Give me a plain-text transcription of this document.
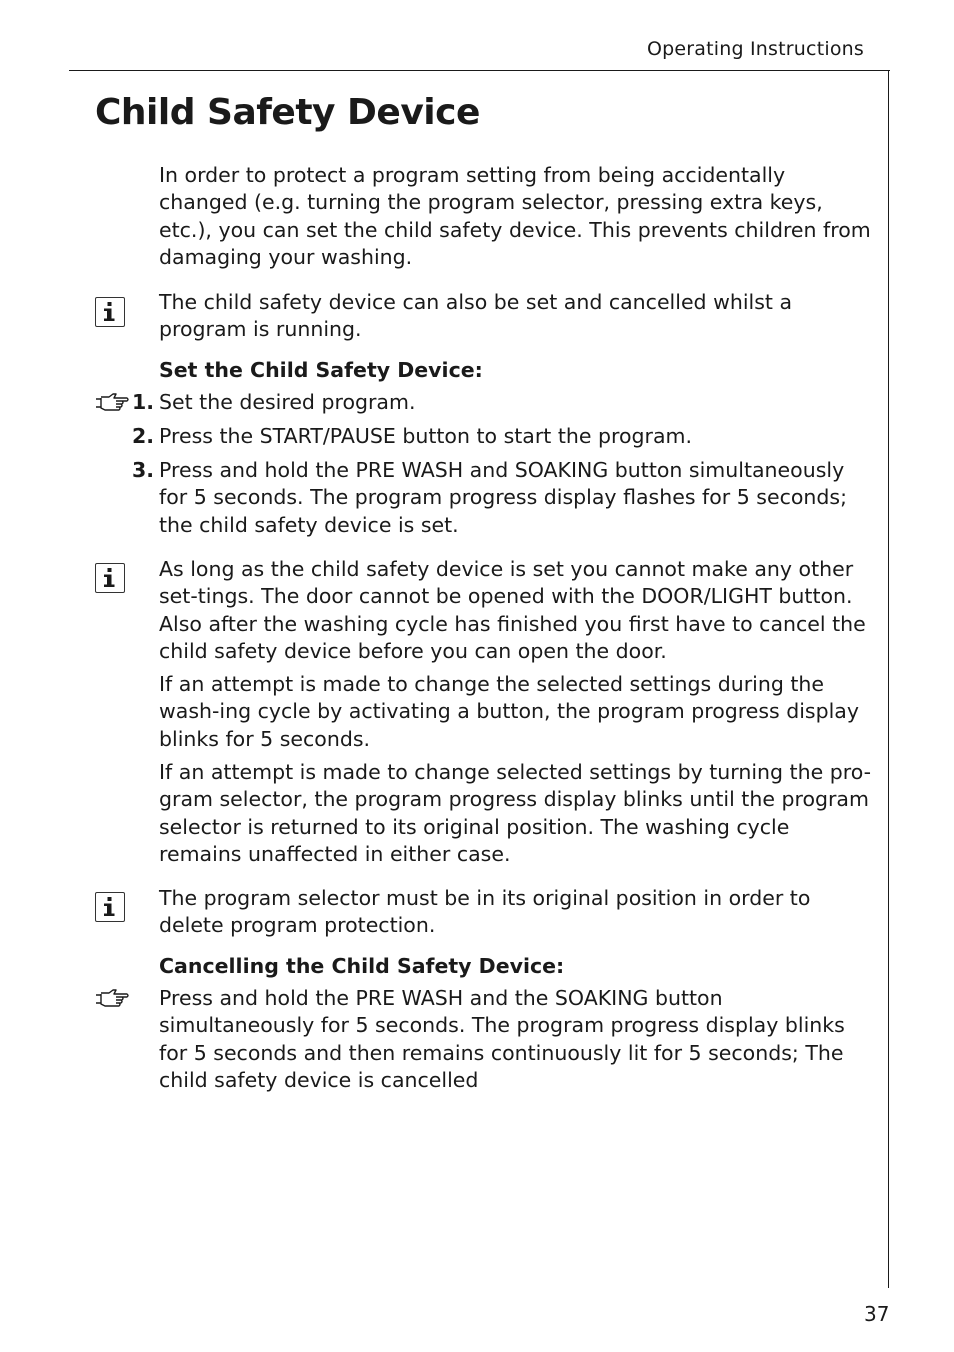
Operating Instructions
Child Safety Device

In order to protect a program setting from being accidentally changed (e.g. turning the program selector, pressing extra keys, etc.), you can set the child safety device. This prevents children from damaging your washing.

The child safety device can also be set and cancelled whilst a program is running.

Set the Child Safety Device:

1. Set the desired program.

2. Press the START/PAUSE button to start the program.

3. Press and hold the PRE WASH and SOAKING button simultaneously for 5 seconds. The program progress display flashes for 5 seconds; the child safety device is set.

As long as the child safety device is set you cannot make any other set-tings. The door cannot be opened with the DOOR/LIGHT button. Also after the washing cycle has finished you first have to cancel the child safety device before you can open the door.

If an attempt is made to change the selected settings during the wash-ing cycle by activating a button, the program progress display blinks for 5 seconds.

If an attempt is made to change selected settings by turning the pro-gram selector, the program progress display blinks until the program selector is returned to its original position. The washing cycle remains unaffected in either case.

The program selector must be in its original position in order to delete program protection.

Cancelling the Child Safety Device:

Press and hold the PRE WASH and the SOAKING button simultaneously for 5 seconds. The program progress display blinks for 5 seconds and then remains continuously lit for 5 seconds; The child safety device is cancelled

37
